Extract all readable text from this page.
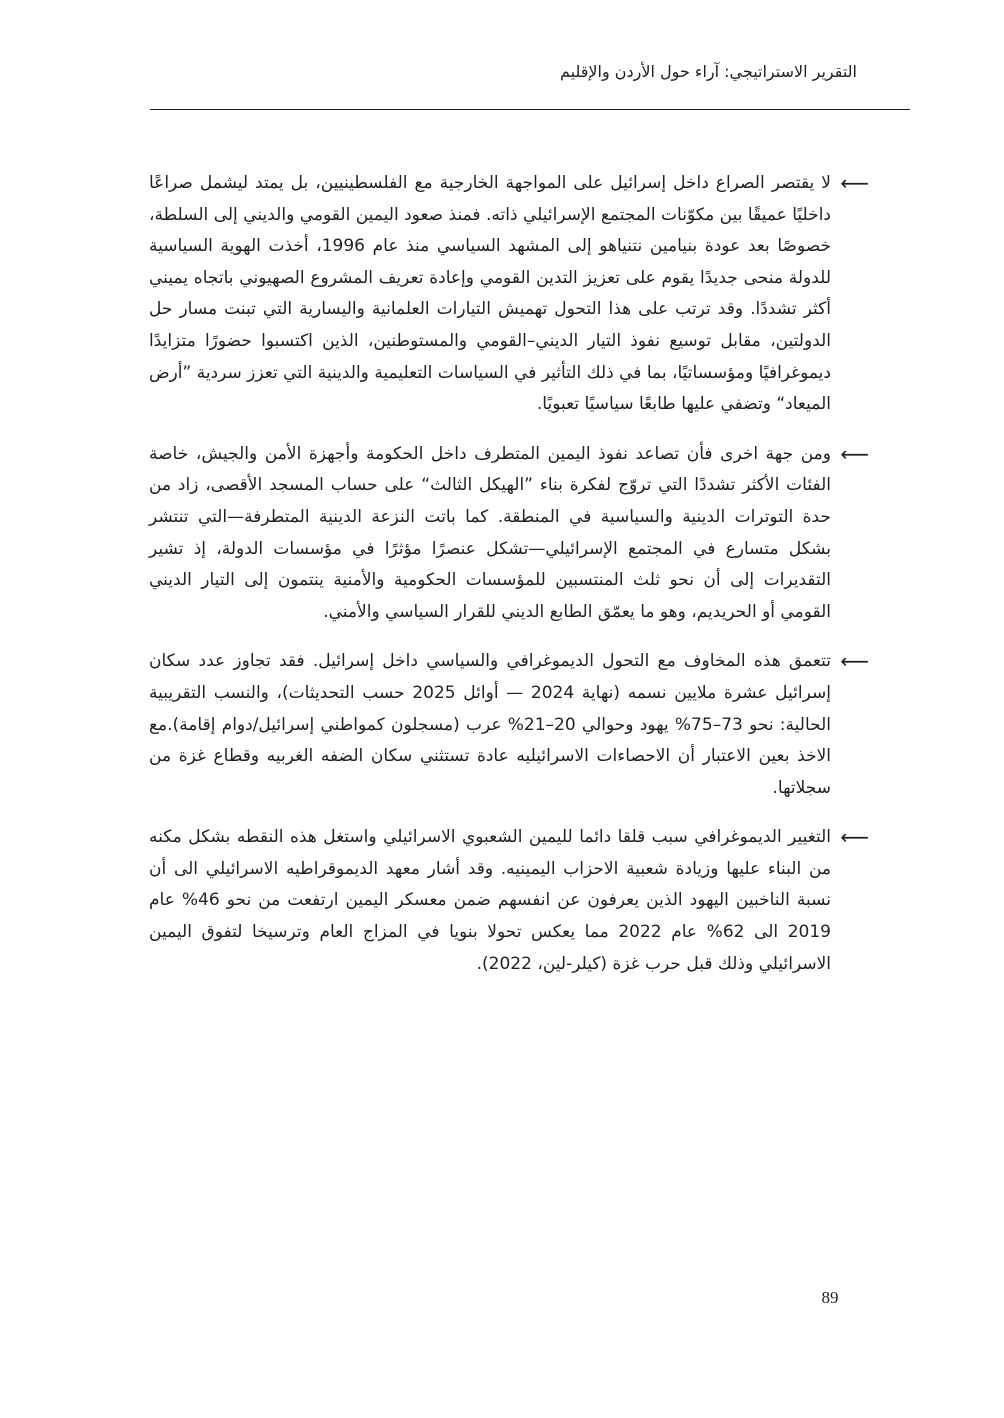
التقرير الاستراتيجي: آراء حول الأردن والإقليم

⟵
لا يقتصر الصراع داخل إسرائيل على المواجهة الخارجية مع الفلسطينيين، بل يمتد ليشمل صراعًا داخليًا عميقًا بين مكوّنات المجتمع الإسرائيلي ذاته. فمنذ صعود اليمين القومي والديني إلى السلطة، خصوصًا بعد عودة بنيامين نتنياهو إلى المشهد السياسي منذ عام 1996، أخذت الهوية السياسية للدولة منحى جديدًا يقوم على تعزيز التدين القومي وإعادة تعريف المشروع الصهيوني باتجاه يميني أكثر تشددًا. وقد ترتب على هذا التحول تهميش التيارات العلمانية واليسارية التي تبنت مسار حل الدولتين، مقابل توسيع نفوذ التيار الديني–القومي والمستوطنين، الذين اكتسبوا حضورًا متزايدًا ديموغرافيًا ومؤسساتيًا، بما في ذلك التأثير في السياسات التعليمية والدينية التي تعزز سردية ”أرض الميعاد“ وتضفي عليها طابعًا سياسيًا تعبويًا.

⟵
ومن جهة اخرى فأن تصاعد نفوذ اليمين المتطرف داخل الحكومة وأجهزة الأمن والجيش، خاصة الفئات الأكثر تشددًا التي تروّج لفكرة بناء ”الهيكل الثالث“ على حساب المسجد الأقصى، زاد من حدة التوترات الدينية والسياسية في المنطقة. كما باتت النزعة الدينية المتطرفة—التي تنتشر بشكل متسارع في المجتمع الإسرائيلي—تشكل عنصرًا مؤثرًا في مؤسسات الدولة، إذ تشير التقديرات إلى أن نحو ثلث المنتسبين للمؤسسات الحكومية والأمنية ينتمون إلى التيار الديني القومي أو الحريديم، وهو ما يعمّق الطابع الديني للقرار السياسي والأمني.

⟵
تتعمق هذه المخاوف مع التحول الديموغرافي والسياسي داخل إسرائيل. فقد تجاوز عدد سكان إسرائيل عشرة ملايين نسمه (نهاية 2024 — أوائل 2025 حسب التحديثات)، والنسب التقريبية الحالية: نحو 73–75% يهود وحوالي 20–21% عرب (مسجلون كمواطني إسرائيل/دوام إقامة).مع الاخذ بعين الاعتبار أن الاحصاءات الاسرائيليه عادة تستثني سكان الضفه الغربيه وقطاع غزة من سجلاتها.

⟵
التغيير الديموغرافي سبب قلقا دائما لليمين الشعبوي الاسرائيلي واستغل هذه النقطه بشكل مكنه من البناء عليها وزيادة شعبية الاحزاب اليمينيه. وقد أشار معهد الديموقراطيه الاسرائيلي الى أن نسبة الناخبين اليهود الذين يعرفون عن انفسهم ضمن معسكر اليمين ارتفعت من نحو 46% عام 2019 الى 62% عام 2022 مما يعكس تحولا بنويا في المزاج العام وترسيخا لتفوق اليمين الاسرائيلي وذلك قبل حرب غزة (كيلر-لين، 2022).

89
